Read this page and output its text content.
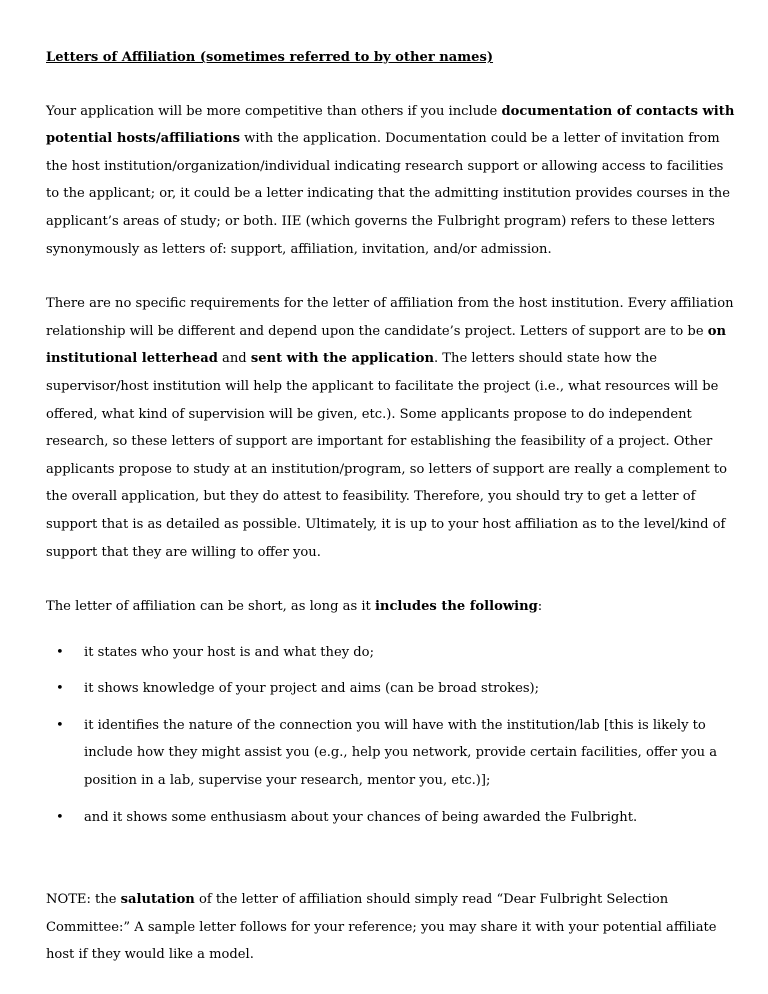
Letters of Affiliation (sometimes referred to by other names)

Your application will be more competitive than others if you include documentation of contacts with potential hosts/affiliations with the application. Documentation could be a letter of invitation from the host institution/organization/individual indicating research support or allowing access to facilities to the applicant; or, it could be a letter indicating that the admitting institution provides courses in the applicant’s areas of study; or both. IIE (which governs the Fulbright program) refers to these letters synonymously as letters of: support, affiliation, invitation, and/or admission.

There are no specific requirements for the letter of affiliation from the host institution. Every affiliation relationship will be different and depend upon the candidate’s project. Letters of support are to be on institutional letterhead and sent with the application. The letters should state how the supervisor/host institution will help the applicant to facilitate the project (i.e., what resources will be offered, what kind of supervision will be given, etc.). Some applicants propose to do independent research, so these letters of support are important for establishing the feasibility of a project. Other applicants propose to study at an institution/program, so letters of support are really a complement to the overall application, but they do attest to feasibility. Therefore, you should try to get a letter of support that is as detailed as possible. Ultimately, it is up to your host affiliation as to the level/kind of support that they are willing to offer you.

The letter of affiliation can be short, as long as it includes the following:

• it states who your host is and what they do;
• it shows knowledge of your project and aims (can be broad strokes);
• it identifies the nature of the connection you will have with the institution/lab [this is likely to include how they might assist you (e.g., help you network, provide certain facilities, offer you a position in a lab, supervise your research, mentor you, etc.)];
• and it shows some enthusiasm about your chances of being awarded the Fulbright.

NOTE: the salutation of the letter of affiliation should simply read “Dear Fulbright Selection Committee:” A sample letter follows for your reference; you may share it with your potential affiliate host if they would like a model.
